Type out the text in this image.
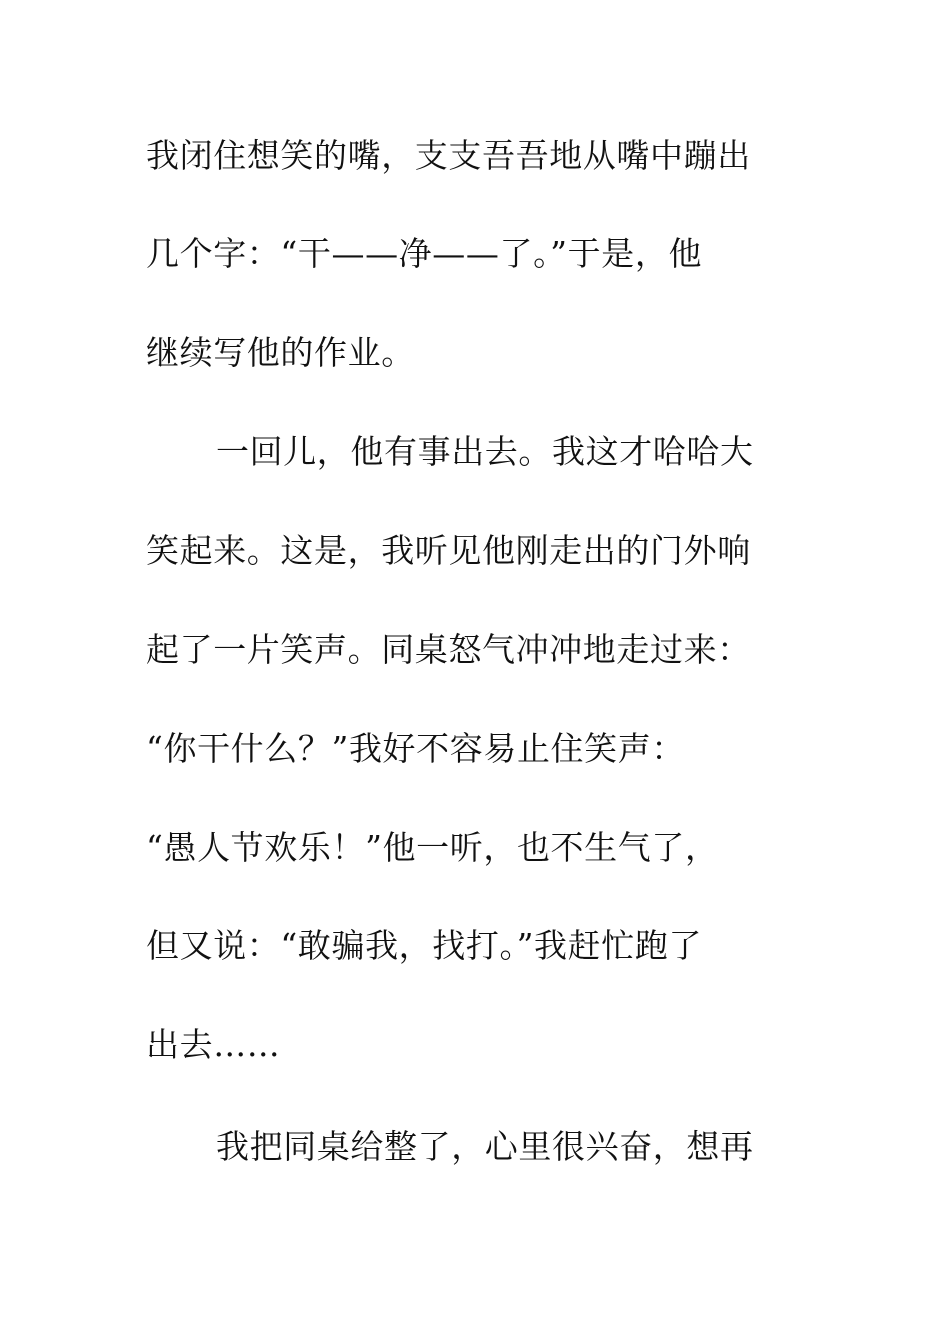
我闭住想笑的嘴，支支吾吾地从嘴中蹦出
几个字：“干——净——了。”于是，他
继续写他的作业。
一回儿，他有事出去。我这才哈哈大
笑起来。这是，我听见他刚走出的门外响
起了一片笑声。同桌怒气冲冲地走过来：
“你干什么？”我好不容易止住笑声：
“愚人节欢乐！”他一听，也不生气了，
但又说：“敢骗我，找打。”我赶忙跑了
出去……
我把同桌给整了，心里很兴奋，想再
